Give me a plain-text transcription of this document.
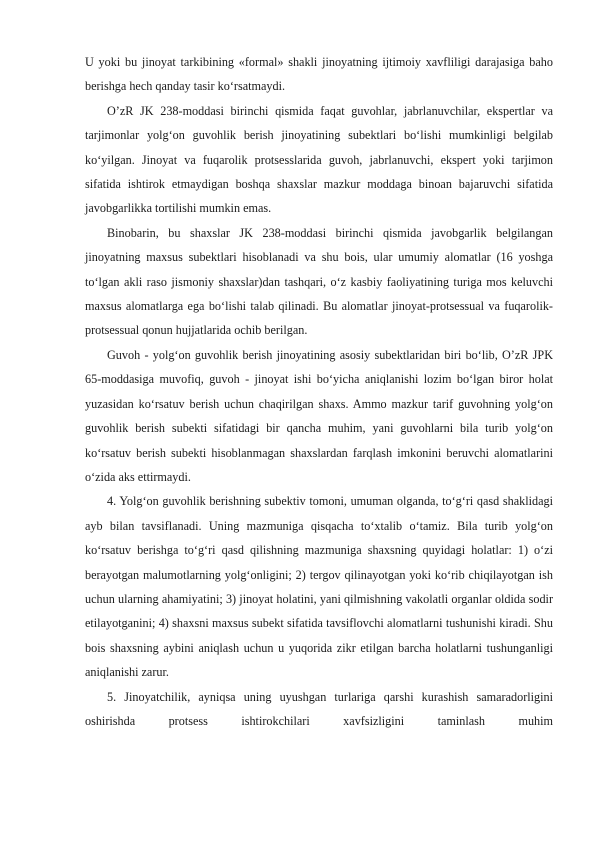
U yoki bu jinoyat tarkibining «formal» shakli jinoyatning ijtimoiy xavfliligi darajasiga baho berishga hech qanday tasir ko‘rsatmaydi.

O’zR JK 238-moddasi birinchi qismida faqat guvohlar, jabrlanuvchilar, ekspertlar va tarjimonlar yolg‘on guvohlik berish jinoyatining subektlari bo‘lishi mumkinligi belgilab ko‘yilgan. Jinoyat va fuqarolik protsesslarida guvoh, jabrlanuvchi, ekspert yoki tarjimon sifatida ishtirok etmaydigan boshqa shaxslar mazkur moddaga binoan bajaruvchi sifatida javobgarlikka tortilishi mumkin emas.

Binobarin, bu shaxslar JK 238-moddasi birinchi qismida javobgarlik belgilangan jinoyatning maxsus subektlari hisoblanadi va shu bois, ular umumiy alomatlar (16 yoshga to‘lgan akli raso jismoniy shaxslar)dan tashqari, o‘z kasbiy faoliyatining turiga mos keluvchi maxsus alomatlarga ega bo‘lishi talab qilinadi. Bu alomatlar jinoyat-protsessual va fuqarolik-protsessual qonun hujjatlarida ochib berilgan.

Guvoh - yolg‘on guvohlik berish jinoyatining asosiy subektlaridan biri bo‘lib, O’zR JPK 65-moddasiga muvofiq, guvoh - jinoyat ishi bo‘yicha aniqlanishi lozim bo‘lgan biror holat yuzasidan ko‘rsatuv berish uchun chaqirilgan shaxs. Ammo mazkur tarif guvohning yolg‘on guvohlik berish subekti sifatidagi bir qancha muhim, yani guvohlarni bila turib yolg‘on ko‘rsatuv berish subekti hisoblanmagan shaxslardan farqlash imkonini beruvchi alomatlarini o‘zida aks ettirmaydi.

4. Yolg‘on guvohlik berishning subektiv tomoni, umuman olganda, to‘g‘ri qasd shaklidagi ayb bilan tavsiflanadi. Uning mazmuniga qisqacha to‘xtalib o‘tamiz. Bila turib yolg‘on ko‘rsatuv berishga to‘g‘ri qasd qilishning mazmuniga shaxsning quyidagi holatlar: 1) o‘zi berayotgan malumotlarning yolg‘onligini; 2) tergov qilinayotgan yoki ko‘rib chiqilayotgan ish uchun ularning ahamiyatini; 3) jinoyat holatini, yani qilmishning vakolatli organlar oldida sodir etilayotganini; 4) shaxsni maxsus subekt sifatida tavsiflovchi alomatlarni tushunishi kiradi. Shu bois shaxsning aybini aniqlash uchun u yuqorida zikr etilgan barcha holatlarni tushunganligi aniqlanishi zarur.

5. Jinoyatchilik, ayniqsa uning uyushgan turlariga qarshi kurashish samaradorligini oshirishda protsess ishtirokchilari xavfsizligini taminlash muhim
